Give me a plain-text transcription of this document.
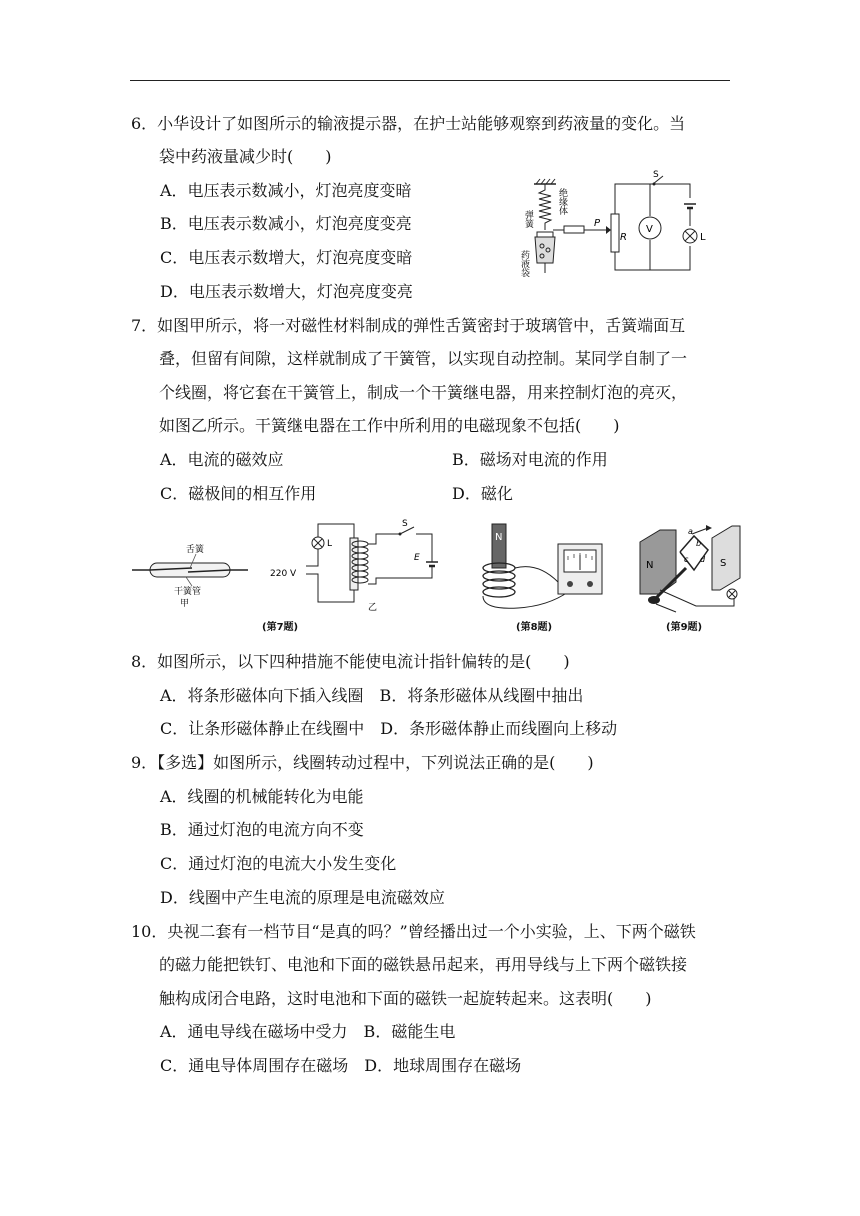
6．小华设计了如图所示的输液提示器，在护士站能够观察到药液量的变化。当
袋中药液量减少时(　　)
A．电压表示数减小，灯泡亮度变暗
B．电压表示数减小，灯泡亮度变亮
C．电压表示数增大，灯泡亮度变暗
D．电压表示数增大，灯泡亮度变亮
弹簧
药液袋
绝缘体
P
R
V
S
L
7．如图甲所示，将一对磁性材料制成的弹性舌簧密封于玻璃管中，舌簧端面互
叠，但留有间隙，这样就制成了干簧管，以实现自动控制。某同学自制了一
个线圈，将它套在干簧管上，制成一个干簧继电器，用来控制灯泡的亮灭，
如图乙所示。干簧继电器在工作中所利用的电磁现象不包括(　　)
A．电流的磁效应	B．磁场对电流的作用
C．磁极间的相互作用	D．磁化
舌簧
干簧管
甲
220 V
L
S
E
乙
N
N	S
a
b
c d
(第7题)	(第8题)	(第9题)
8．如图所示，以下四种措施不能使电流计指针偏转的是(　　)
A．将条形磁体向下插入线圈　B．将条形磁体从线圈中抽出
C．让条形磁体静止在线圈中　D．条形磁体静止而线圈向上移动
9．【多选】如图所示，线圈转动过程中，下列说法正确的是(　　)
A．线圈的机械能转化为电能
B．通过灯泡的电流方向不变
C．通过灯泡的电流大小发生变化
D．线圈中产生电流的原理是电流磁效应
10．央视二套有一档节目“是真的吗？”曾经播出过一个小实验，上、下两个磁铁
的磁力能把铁钉、电池和下面的磁铁悬吊起来，再用导线与上下两个磁铁接
触构成闭合电路，这时电池和下面的磁铁一起旋转起来。这表明(　　)
A．通电导线在磁场中受力　B．磁能生电
C．通电导体周围存在磁场　D．地球周围存在磁场
